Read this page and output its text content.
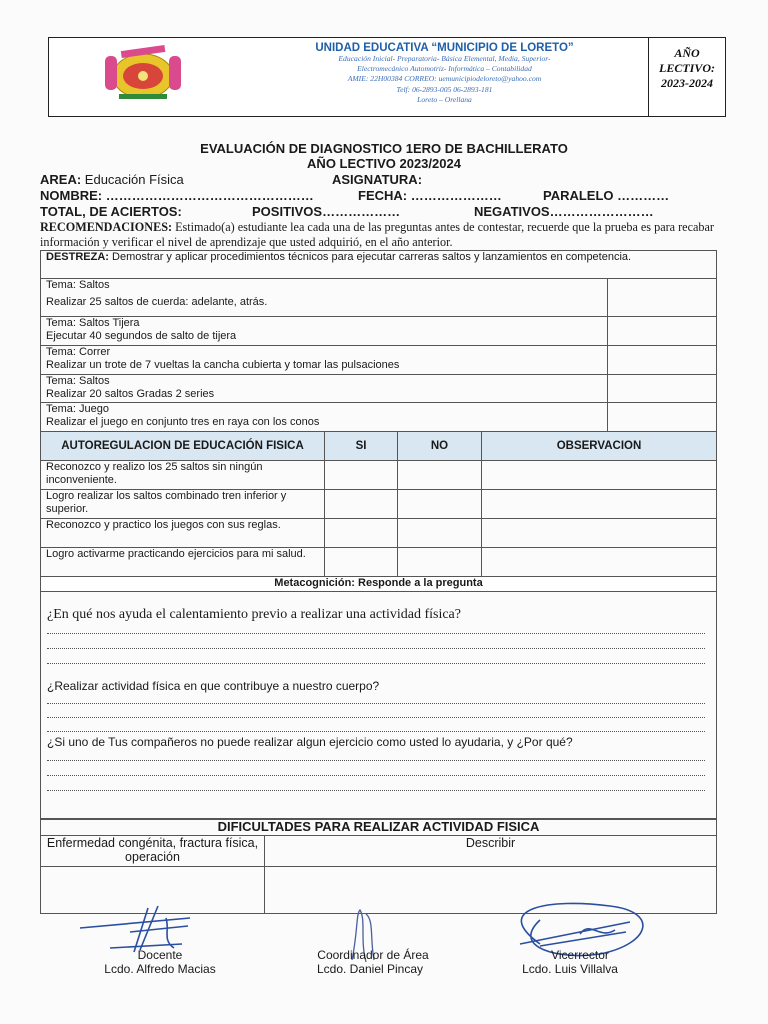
UNIDAD EDUCATIVA “MUNICIPIO DE LORETO”
Educación Inicial- Preparatoria- Básica Elemental, Media, Superior-
Electromecánico Automotriz- Informática – Contabilidad
AMIE: 22H00384 CORREO: uemunicipiodeloreto@yahoo.com
Telf: 06-2893-005 06-2893-181
Loreto – Orellana
AÑO LECTIVO:
2023-2024
EVALUACIÓN DE DIAGNOSTICO 1ERO DE BACHILLERATO
AÑO LECTIVO 2023/2024
AREA: Educación Física	ASIGNATURA:
NOMBRE: …………………………………………	FECHA: …………………	PARALELO …………
TOTAL, DE ACIERTOS:	POSITIVOS………………	NEGATIVOS……………………
RECOMENDACIONES: Estimado(a) estudiante lea cada una de las preguntas antes de contestar, recuerde que la prueba es para recabar información y verificar el nivel de aprendizaje que usted adquirió, en el año anterior.
DESTREZA: Demostrar y aplicar procedimientos técnicos para ejecutar carreras saltos y lanzamientos en competencia.				

Tema: Saltos
Realizar 25 saltos de cuerda: adelante, atrás.				

Tema: Saltos Tijera
Ejecutar 40 segundos de salto de tijera				

Tema: Correr
Realizar un trote de 7 vueltas la cancha cubierta y tomar las pulsaciones				

Tema: Saltos
Realizar 20 saltos Gradas 2 series				

Tema: Juego
Realizar el juego en conjunto tres en raya con los conos				

AUTOREGULACION DE EDUCACIÓN FISICA	SI	NO	OBSERVACION	
Reconozco y realizo los 25 saltos sin ningún inconveniente.				
Logro realizar los saltos combinado tren inferior y superior.				
Reconozco y practico los juegos con sus reglas.				
Logro activarme practicando ejercicios para mi salud.				
Metacognición: Responde a la pregunta				

¿En qué nos ayuda el calentamiento previo a realizar una actividad física?
¿Realizar actividad física en que contribuye a nuestro cuerpo?
¿Si uno de Tus compañeros no puede realizar algun ejercicio como usted lo ayudaria, y ¿Por qué?				
DIFICULTADES PARA REALIZAR ACTIVIDAD FISICA	
Enfermedad congénita, fractura física, operación	Describir

Docente
Lcdo. Alfredo Macias
Coordinador de Área
Lcdo. Daniel Pincay
Vicerrector
Lcdo. Luis Villalva
